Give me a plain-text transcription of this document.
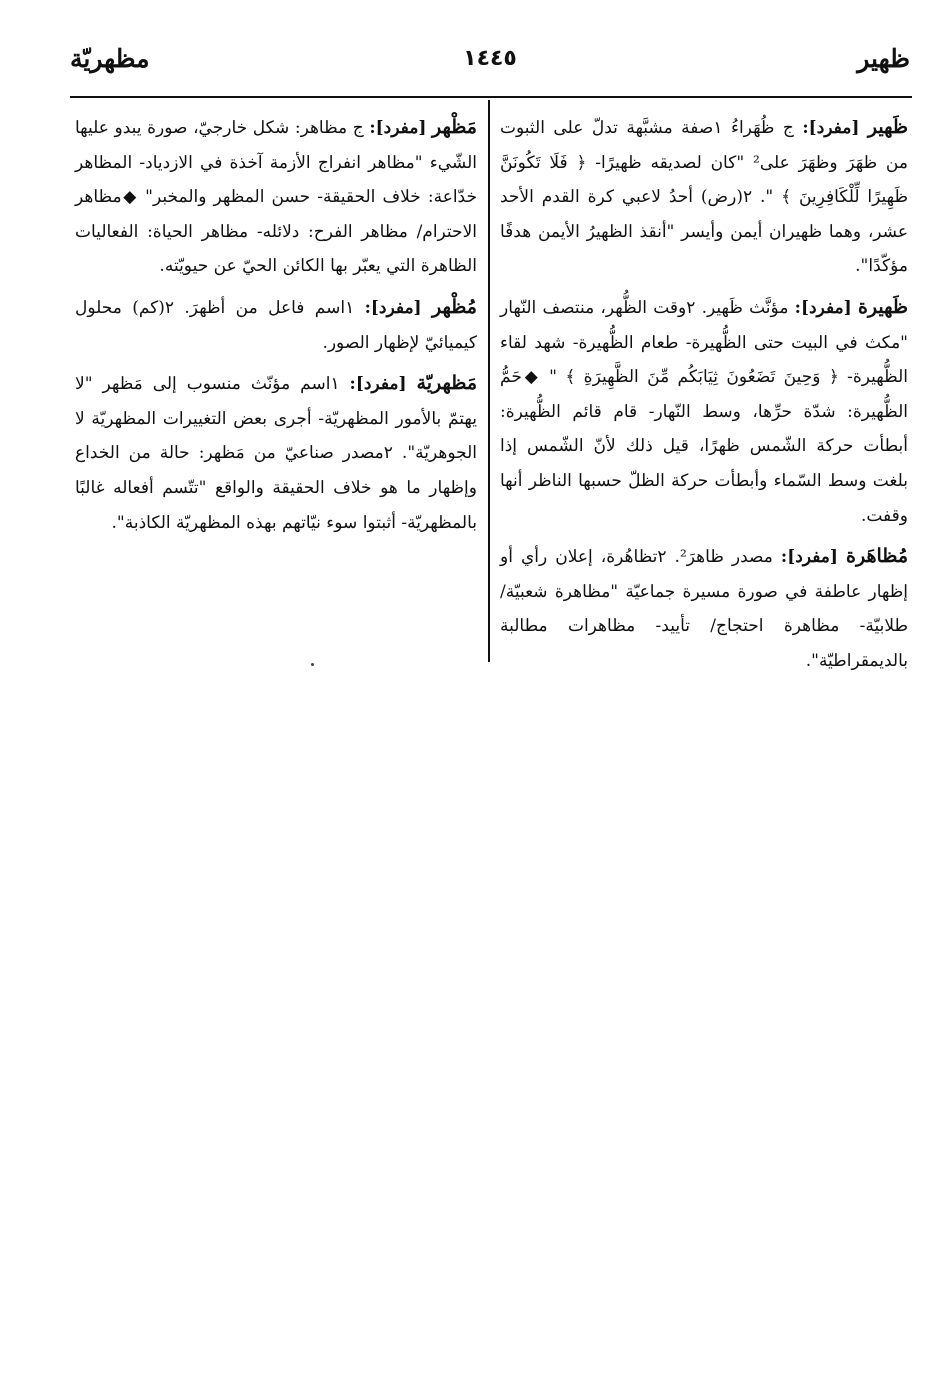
ظهير
١٤٤٥
مظهريّة

ظَهير [مفرد]: ج ظُهَراءُ ١صفة مشبَّهة تدلّ على الثبوت من ظهَرَ وظهَرَ على² "كان لصديقه ظهيرًا- ﴿ فَلَا تَكُونَنَّ ظَهِيرًا لِّلْكَافِرِينَ ﴾ ". ٢(رض) أحدُ لاعبي كرة القدم الأحد عشر، وهما ظهيران أيمن وأيسر "أنقذ الظهيرُ الأيمن هدفًا مؤكّدًا".

ظَهيرة [مفرد]: مؤنَّث ظَهير. ٢وقت الظُّهر، منتصف النّهار "مكث في البيت حتى الظُّهيرة- طعام الظُّهيرة- شهد لقاء الظُّهيرة- ﴿ وَحِينَ تَضَعُونَ ثِيَابَكُم مِّنَ الظَّهِيرَةِ ﴾ " ◆حَمُّ الظُّهيرة: شدّة حرِّها، وسط النّهار- قام قائم الظُّهيرة: أبطأت حركة الشّمس ظهرًا، قيل ذلك لأنّ الشّمس إذا بلغت وسط السّماء وأبطأت حركة الظلّ حسبها الناظر أنها وقفت.

مُظاهَرة [مفرد]: مصدر ظاهرَ². ٢تظاهُرة، إعلان رأي أو إظهار عاطفة في صورة مسيرة جماعيّة "مظاهرة شعبيّة/ طلابيّة- مظاهرة احتجاج/ تأييد- مظاهرات مطالبة بالديمقراطيّة".

مَظْهر [مفرد]: ج مظاهر: شكل خارجيّ، صورة يبدو عليها الشّيء "مظاهر انفراج الأزمة آخذة في الازدياد- المظاهر خدّاعة: خلاف الحقيقة- حسن المظهر والمخبر" ◆مظاهر الاحترام/ مظاهر الفرح: دلائله- مظاهر الحياة: الفعاليات الظاهرة التي يعبّر بها الكائن الحيّ عن حيويّته.

مُظْهر [مفرد]: ١اسم فاعل من أظهرَ. ٢(كم) محلول كيميائيّ لإظهار الصور.

مَظهريّة [مفرد]: ١اسم مؤنّث منسوب إلى مَظهر "لا يهتمّ بالأمور المظهريّة- أجرى بعض التغييرات المظهريّة لا الجوهريّة". ٢مصدر صناعيّ من مَظهر: حالة من الخداع وإظهار ما هو خلاف الحقيقة والواقع "تتّسم أفعاله غالبًا بالمظهريّة- أثبتوا سوء نيّاتهم بهذه المظهريّة الكاذبة".
